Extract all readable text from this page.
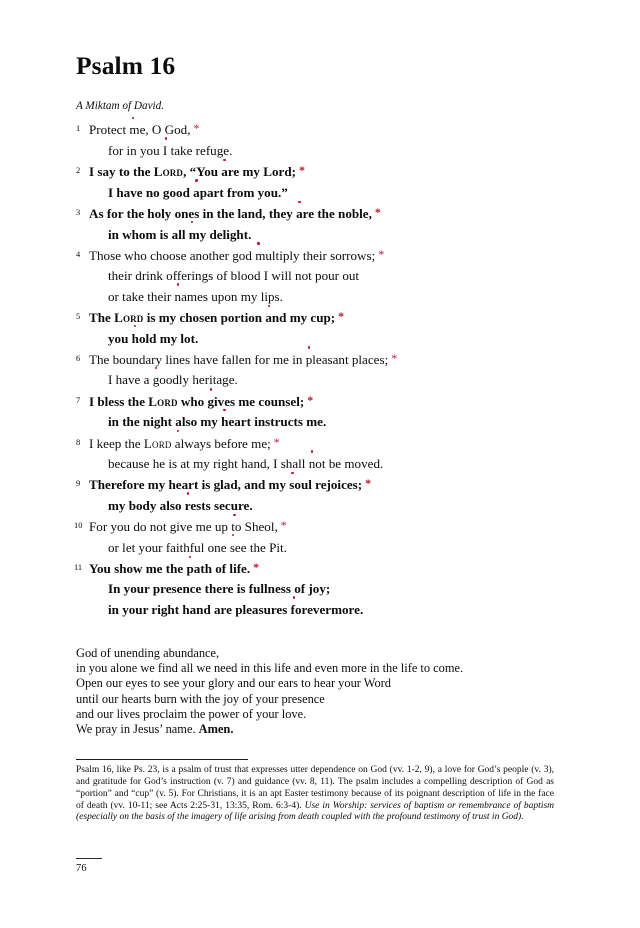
Psalm 16
A Miktam of David.
1 Protect me, O God, *
for in you I take refuge.
2 I say to the Lord, “You are my Lord; *
I have no good apart from you.”
3 As for the holy ones in the land, they are the noble, *
in whom is all my delight.
4 Those who choose another god multiply their sorrows; *
their drink offerings of blood I will not pour out
or take their names upon my lips.
5 The Lord is my chosen portion and my cup; *
you hold my lot.
6 The boundary lines have fallen for me in pleasant places; *
I have a goodly heritage.
7 I bless the Lord who gives me counsel; *
in the night also my heart instructs me.
8 I keep the Lord always before me; *
because he is at my right hand, I shall not be moved.
9 Therefore my heart is glad, and my soul rejoices; *
my body also rests secure.
10 For you do not give me up to Sheol, *
or let your faithful one see the Pit.
11 You show me the path of life. *
In your presence there is fullness of joy;
in your right hand are pleasures forevermore.
God of unending abundance,
in you alone we find all we need in this life and even more in the life to come.
Open our eyes to see your glory and our ears to hear your Word
until our hearts burn with the joy of your presence
and our lives proclaim the power of your love.
We pray in Jesus’ name. Amen.
Psalm 16, like Ps. 23, is a psalm of trust that expresses utter dependence on God (vv. 1-2, 9), a love for God’s people (v. 3), and gratitude for God’s instruction (v. 7) and guidance (vv. 8, 11). The psalm includes a compelling description of God as “portion” and “cup” (v. 5). For Christians, it is an apt Easter testimony because of its poignant description of life in the face of death (vv. 10-11; see Acts 2:25-31, 13:35, Rom. 6:3-4). Use in Worship: services of baptism or remembrance of baptism (especially on the basis of the imagery of life arising from death coupled with the profound testimony of trust in God).
76
